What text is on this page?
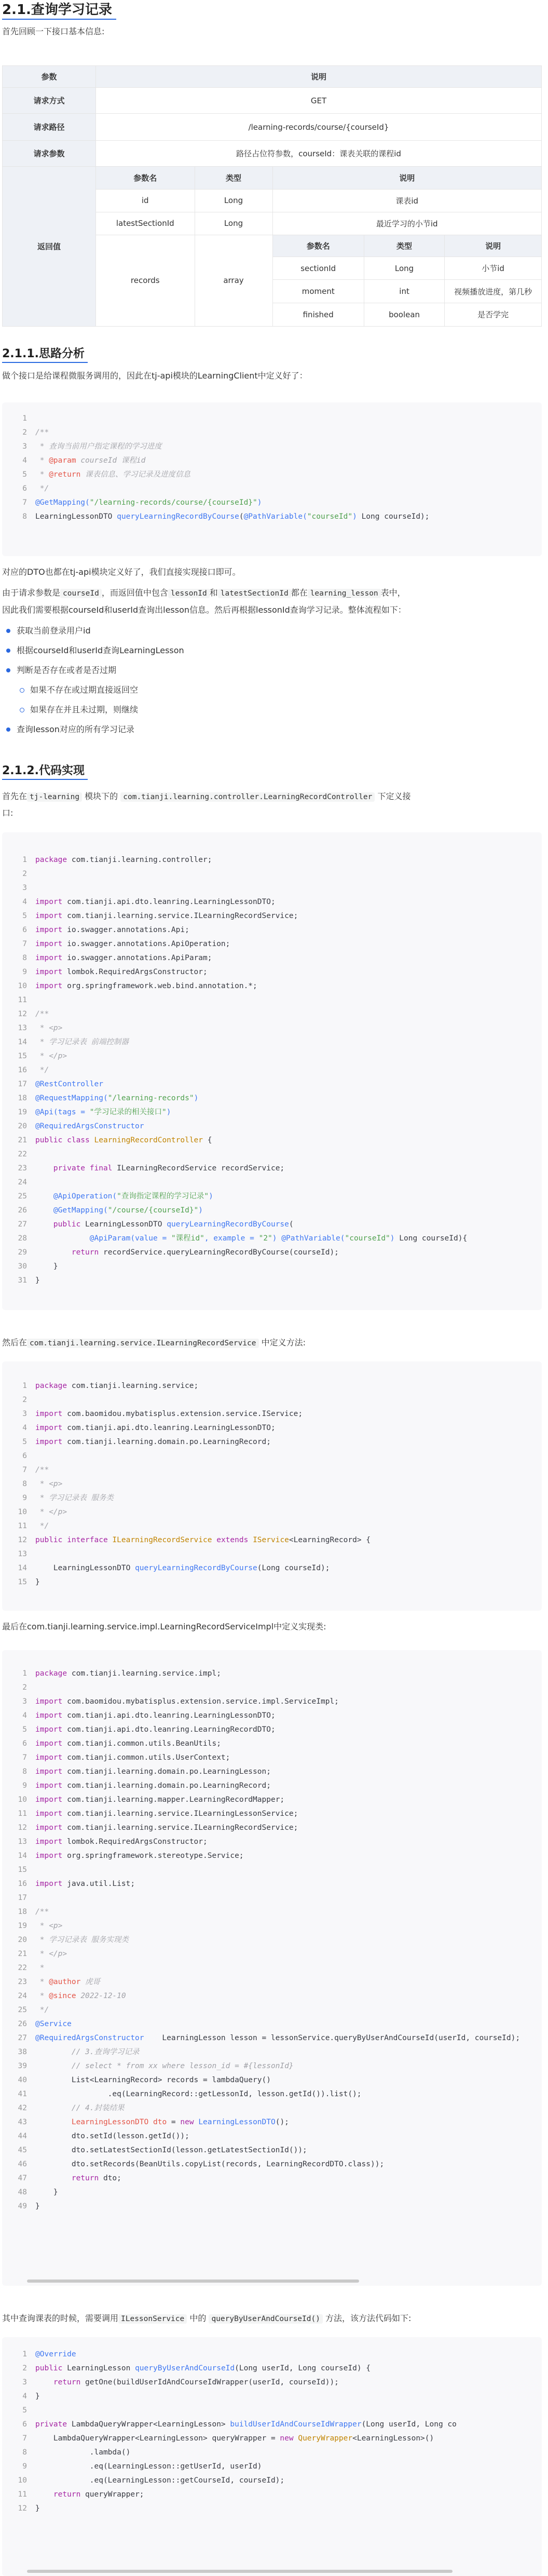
2.1.查询学习记录

首先回顾一下接口基本信息:

参数	说明
请求方式	GET
请求路径	/learning-records/course/{courseId}
请求参数	路径占位符参数，courseId：课表关联的课程id
返回值	
参数名	类型	说明
id	Long	课表id
latestSectionId	Long	最近学习的小节id
records	array	
参数名	类型	说明
sectionId	Long	小节id
moment	int	视频播放进度，第几秒
finished	boolean	是否学完
2.1.1.思路分析

做个接口是给课程微服务调用的，因此在tj-api模块的LearningClient中定义好了：

1
2	/**
3	* 查询当前用户指定课程的学习进度
4	* @param courseId 课程id
5	* @return 课表信息、学习记录及进度信息
6	*/
7	@GetMapping("/learning-records/course/{courseId}")
8	LearningLessonDTO queryLearningRecordByCourse(@PathVariable("courseId") Long courseId);

对应的DTO也都在tj-api模块定义好了，我们直接实现接口即可。

由于请求参数是 courseId ，而返回值中包含 lessonId 和 latestSectionId 都在 learning_lesson 表中，

因此我们需要根据courseId和userId查询出lesson信息。然后再根据lessonId查询学习记录。整体流程如下：

获取当前登录用户id
根据courseId和userId查询LearningLesson
判断是否存在或者是否过期
如果不存在或过期直接返回空
如果存在并且未过期，则继续
查询lesson对应的所有学习记录
2.1.2.代码实现

首先在 tj-learning 模块下的 com.tianji.learning.controller.LearningRecordController 下定义接

口:

1	package com.tianji.learning.controller;
2
3
4	import com.tianji.api.dto.leanring.LearningLessonDTO;
5	import com.tianji.learning.service.ILearningRecordService;
6	import io.swagger.annotations.Api;
7	import io.swagger.annotations.ApiOperation;
8	import io.swagger.annotations.ApiParam;
9	import lombok.RequiredArgsConstructor;
10	import org.springframework.web.bind.annotation.*;
11
12	/**
13	* <p>
14	* 学习记录表 前端控制器
15	* </p>
16	*/
17	@RestController
18	@RequestMapping("/learning-records")
19	@Api(tags = "学习记录的相关接口")
20	@RequiredArgsConstructor
21	public class LearningRecordController {
22
23	private final ILearningRecordService recordService;
24
25	@ApiOperation("查询指定课程的学习记录")
26	@GetMapping("/course/{courseId}")
27	public LearningLessonDTO queryLearningRecordByCourse(
28	@ApiParam(value = "课程id", example = "2") @PathVariable("courseId") Long courseId){
29	return recordService.queryLearningRecordByCourse(courseId);
30	}
31	}

然后在 com.tianji.learning.service.ILearningRecordService 中定义方法:

1	package com.tianji.learning.service;
2
3	import com.baomidou.mybatisplus.extension.service.IService;
4	import com.tianji.api.dto.leanring.LearningLessonDTO;
5	import com.tianji.learning.domain.po.LearningRecord;
6
7	/**
8	* <p>
9	* 学习记录表 服务类
10	* </p>
11	*/
12	public interface ILearningRecordService extends IService<LearningRecord> {
13
14	LearningLessonDTO queryLearningRecordByCourse(Long courseId);
15	}

最后在com.tianji.learning.service.impl.LearningRecordServiceImpl中定义实现类:

1	package com.tianji.learning.service.impl;
2
3	import com.baomidou.mybatisplus.extension.service.impl.ServiceImpl;
4	import com.tianji.api.dto.leanring.LearningLessonDTO;
5	import com.tianji.api.dto.leanring.LearningRecordDTO;
6	import com.tianji.common.utils.BeanUtils;
7	import com.tianji.common.utils.UserContext;
8	import com.tianji.learning.domain.po.LearningLesson;
9	import com.tianji.learning.domain.po.LearningRecord;
10	import com.tianji.learning.mapper.LearningRecordMapper;
11	import com.tianji.learning.service.ILearningLessonService;
12	import com.tianji.learning.service.ILearningRecordService;
13	import lombok.RequiredArgsConstructor;
14	import org.springframework.stereotype.Service;
15
16	import java.util.List;
17
18	/**
19	* <p>
20	* 学习记录表 服务实现类
21	* </p>
22	*
23	* @author 虎哥
24	* @since 2022-12-10
25	*/
26	@Service
27	@RequiredArgsConstructor    LearningLesson lesson = lessonService.queryByUserAndCourseId(userId, courseId);
38	// 3.查询学习记录
39	// select * from xx where lesson_id = #{lessonId}
40	List<LearningRecord> records = lambdaQuery()
41	.eq(LearningRecord::getLessonId, lesson.getId()).list();
42	// 4.封装结果
43	LearningLessonDTO dto = new LearningLessonDTO();
44	dto.setId(lesson.getId());
45	dto.setLatestSectionId(lesson.getLatestSectionId());
46	dto.setRecords(BeanUtils.copyList(records, LearningRecordDTO.class));
47	return dto;
48	}
49	}

其中查询课表的时候，需要调用 ILessonService 中的 queryByUserAndCourseId() 方法，该方法代码如下:

1	@Override
2	public LearningLesson queryByUserAndCourseId(Long userId, Long courseId) {
3	return getOne(buildUserIdAndCourseIdWrapper(userId, courseId));
4	}
5
6	private LambdaQueryWrapper<LearningLesson> buildUserIdAndCourseIdWrapper(Long userId, Long co
7	LambdaQueryWrapper<LearningLesson> queryWrapper = new QueryWrapper<LearningLesson>()
8	.lambda()
9	.eq(LearningLesson::getUserId, userId)
10	.eq(LearningLesson::getCourseId, courseId);
11	return queryWrapper;
12	}
